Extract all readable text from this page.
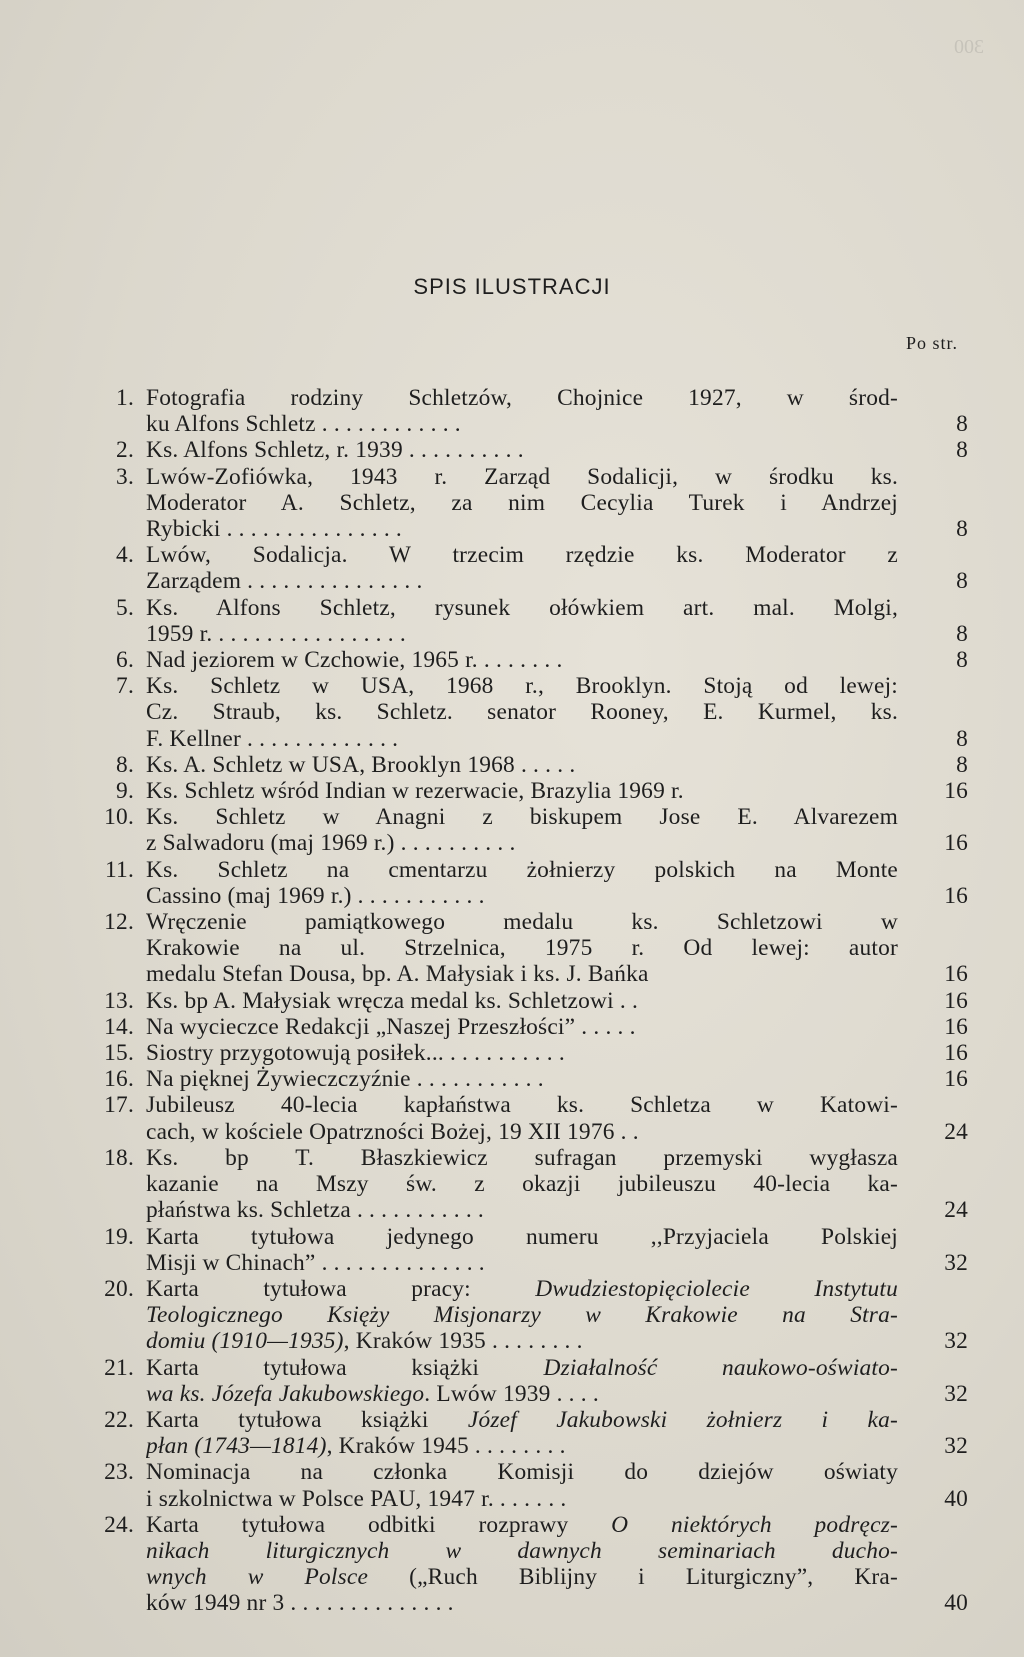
300
SPIS ILUSTRACJI
Po str.
1. Fotografia rodziny Schletzów, Chojnice 1927, w środ-
ku Alfons Schletz . . . . . . . . . . . .	8
2. Ks. Alfons Schletz, r. 1939 . . . . . . . . . .	8
3. Lwów-Zofiówka, 1943 r. Zarząd Sodalicji, w środku ks.
Moderator A. Schletz, za nim Cecylia Turek i Andrzej
Rybicki . . . . . . . . . . . . . . .	8
4. Lwów, Sodalicja. W trzecim rzędzie ks. Moderator z
Zarządem . . . . . . . . . . . . . . .	8
5. Ks. Alfons Schletz, rysunek ołówkiem art. mal. Molgi,
1959 r. . . . . . . . . . . . . . . . .	8
6. Nad jeziorem w Czchowie, 1965 r. . . . . . . .	8
7. Ks. Schletz w USA, 1968 r., Brooklyn. Stoją od lewej:
Cz. Straub, ks. Schletz. senator Rooney, E. Kurmel, ks.
F. Kellner . . . . . . . . . . . . .	8
8. Ks. A. Schletz w USA, Brooklyn 1968 . . . . .	8
9. Ks. Schletz wśród Indian w rezerwacie, Brazylia 1969 r.	16
10. Ks. Schletz w Anagni z biskupem Jose E. Alvarezem
z Salwadoru (maj 1969 r.) . . . . . . . . . .	16
11. Ks. Schletz na cmentarzu żołnierzy polskich na Monte
Cassino (maj 1969 r.) . . . . . . . . . . .	16
12. Wręczenie pamiątkowego medalu ks. Schletzowi w
Krakowie na ul. Strzelnica, 1975 r. Od lewej: autor
medalu Stefan Dousa, bp. A. Małysiak i ks. J. Bańka	16
13. Ks. bp A. Małysiak wręcza medal ks. Schletzowi . .	16
14. Na wycieczce Redakcji „Naszej Przeszłości” . . . . .	16
15. Siostry przygotowują posiłek... . . . . . . . . . .	16
16. Na pięknej Żywieczczyźnie . . . . . . . . . . .	16
17. Jubileusz 40-lecia kapłaństwa ks. Schletza w Katowi-
cach, w kościele Opatrzności Bożej, 19 XII 1976 . .	24
18. Ks. bp T. Błaszkiewicz sufragan przemyski wygłasza
kazanie na Mszy św. z okazji jubileuszu 40-lecia ka-
płaństwa ks. Schletza . . . . . . . . . . .	24
19. Karta tytułowa jedynego numeru ,,Przyjaciela Polskiej
Misji w Chinach” . . . . . . . . . . . . . .	32
20. Karta tytułowa pracy: Dwudziestopięciolecie Instytutu
Teologicznego Księży Misjonarzy w Krakowie na Stra-
domiu (1910—1935), Kraków 1935 . . . . . . . .	32
21. Karta tytułowa książki Działalność naukowo-oświato-
wa ks. Józefa Jakubowskiego. Lwów 1939 . . . .	32
22. Karta tytułowa książki Józef Jakubowski żołnierz i ka-
płan (1743—1814), Kraków 1945 . . . . . . . .	32
23. Nominacja na członka Komisji do dziejów oświaty
i szkolnictwa w Polsce PAU, 1947 r. . . . . . .	40
24. Karta tytułowa odbitki rozprawy O niektórych podręcz-
nikach liturgicznych w dawnych seminariach ducho-
wnych w Polsce („Ruch Biblijny i Liturgiczny”, Kra-
ków 1949 nr 3 . . . . . . . . . . . . . .	40
